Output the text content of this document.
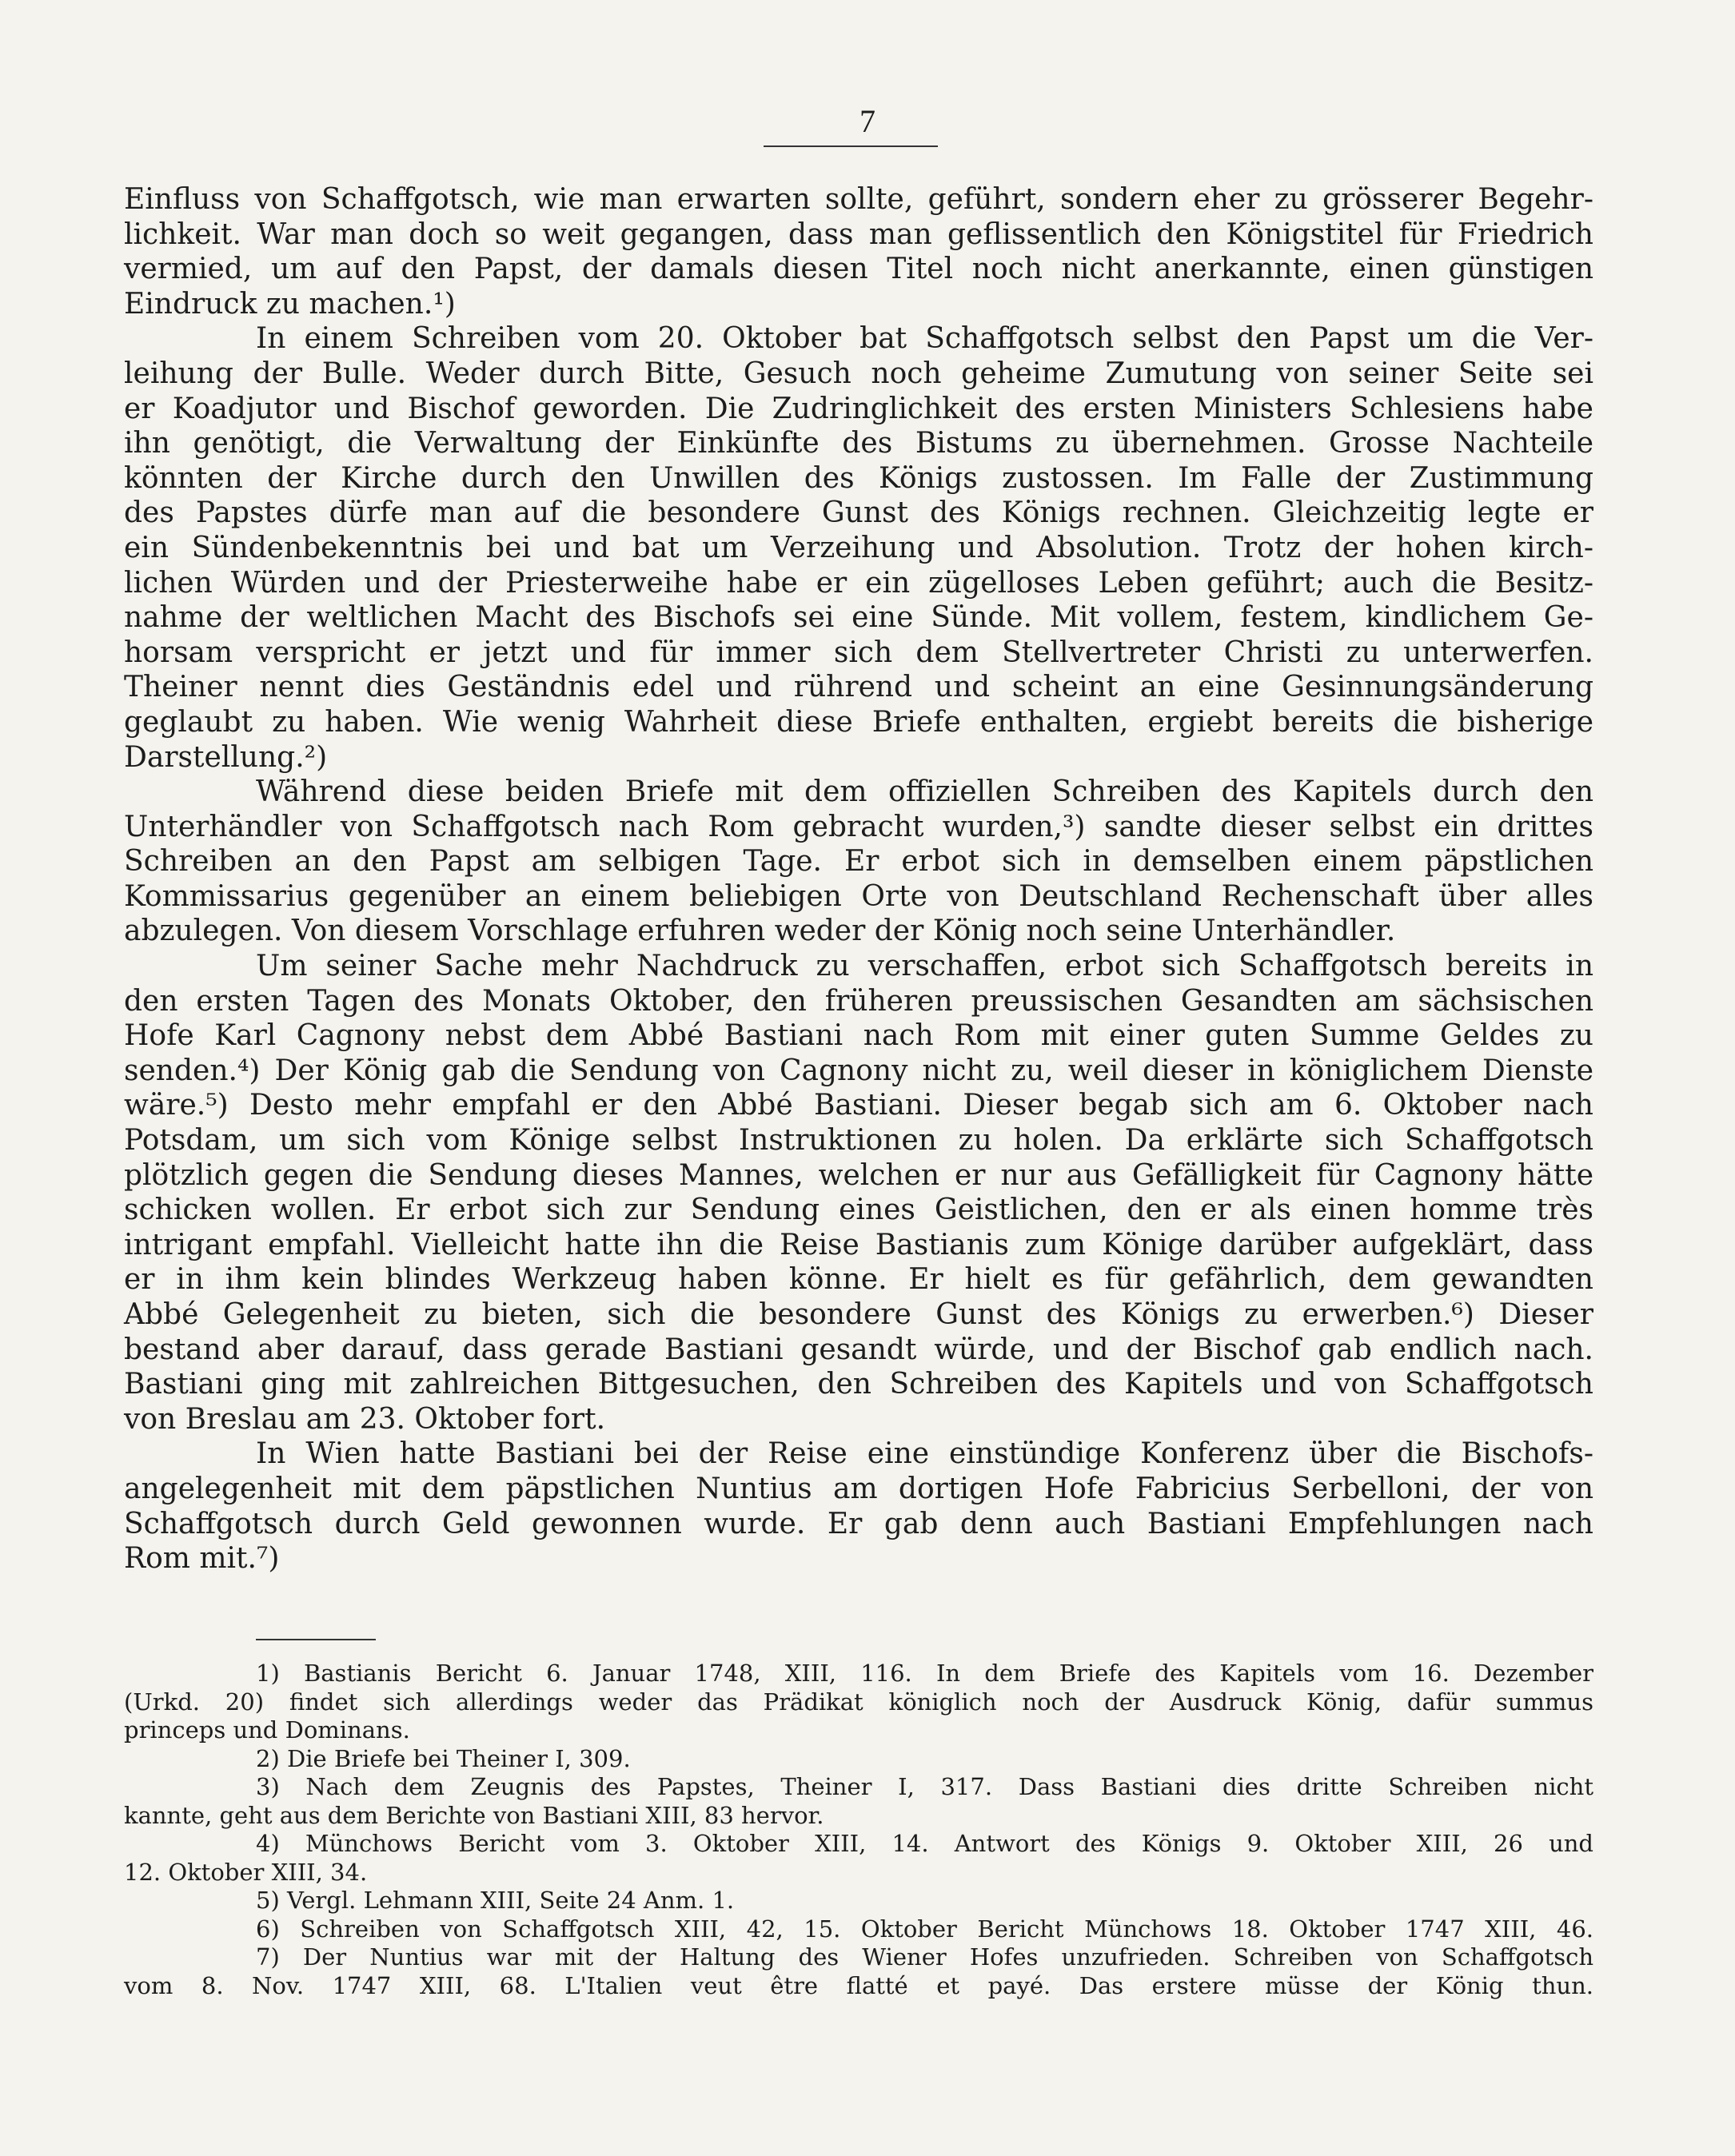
7
Einfluss von Schaffgotsch, wie man erwarten sollte, geführt, sondern eher zu grösserer Begehr-
lichkeit. War man doch so weit gegangen, dass man geflissentlich den Königstitel für Friedrich
vermied, um auf den Papst, der damals diesen Titel noch nicht anerkannte, einen günstigen
Eindruck zu machen.¹)
In einem Schreiben vom 20. Oktober bat Schaffgotsch selbst den Papst um die Ver-
leihung der Bulle. Weder durch Bitte, Gesuch noch geheime Zumutung von seiner Seite sei
er Koadjutor und Bischof geworden. Die Zudringlichkeit des ersten Ministers Schlesiens habe
ihn genötigt, die Verwaltung der Einkünfte des Bistums zu übernehmen. Grosse Nachteile
könnten der Kirche durch den Unwillen des Königs zustossen. Im Falle der Zustimmung
des Papstes dürfe man auf die besondere Gunst des Königs rechnen. Gleichzeitig legte er
ein Sündenbekenntnis bei und bat um Verzeihung und Absolution. Trotz der hohen kirch-
lichen Würden und der Priesterweihe habe er ein zügelloses Leben geführt; auch die Besitz-
nahme der weltlichen Macht des Bischofs sei eine Sünde. Mit vollem, festem, kindlichem Ge-
horsam verspricht er jetzt und für immer sich dem Stellvertreter Christi zu unterwerfen.
Theiner nennt dies Geständnis edel und rührend und scheint an eine Gesinnungsänderung
geglaubt zu haben. Wie wenig Wahrheit diese Briefe enthalten, ergiebt bereits die bisherige
Darstellung.²)
Während diese beiden Briefe mit dem offiziellen Schreiben des Kapitels durch den
Unterhändler von Schaffgotsch nach Rom gebracht wurden,³) sandte dieser selbst ein drittes
Schreiben an den Papst am selbigen Tage. Er erbot sich in demselben einem päpstlichen
Kommissarius gegenüber an einem beliebigen Orte von Deutschland Rechenschaft über alles
abzulegen. Von diesem Vorschlage erfuhren weder der König noch seine Unterhändler.
Um seiner Sache mehr Nachdruck zu verschaffen, erbot sich Schaffgotsch bereits in
den ersten Tagen des Monats Oktober, den früheren preussischen Gesandten am sächsischen
Hofe Karl Cagnony nebst dem Abbé Bastiani nach Rom mit einer guten Summe Geldes zu
senden.⁴) Der König gab die Sendung von Cagnony nicht zu, weil dieser in königlichem Dienste
wäre.⁵) Desto mehr empfahl er den Abbé Bastiani. Dieser begab sich am 6. Oktober nach
Potsdam, um sich vom Könige selbst Instruktionen zu holen. Da erklärte sich Schaffgotsch
plötzlich gegen die Sendung dieses Mannes, welchen er nur aus Gefälligkeit für Cagnony hätte
schicken wollen. Er erbot sich zur Sendung eines Geistlichen, den er als einen homme très
intrigant empfahl. Vielleicht hatte ihn die Reise Bastianis zum Könige darüber aufgeklärt, dass
er in ihm kein blindes Werkzeug haben könne. Er hielt es für gefährlich, dem gewandten
Abbé Gelegenheit zu bieten, sich die besondere Gunst des Königs zu erwerben.⁶) Dieser
bestand aber darauf, dass gerade Bastiani gesandt würde, und der Bischof gab endlich nach.
Bastiani ging mit zahlreichen Bittgesuchen, den Schreiben des Kapitels und von Schaffgotsch
von Breslau am 23. Oktober fort.
In Wien hatte Bastiani bei der Reise eine einstündige Konferenz über die Bischofs-
angelegenheit mit dem päpstlichen Nuntius am dortigen Hofe Fabricius Serbelloni, der von
Schaffgotsch durch Geld gewonnen wurde. Er gab denn auch Bastiani Empfehlungen nach
Rom mit.⁷)
1) Bastianis Bericht 6. Januar 1748, XIII, 116. In dem Briefe des Kapitels vom 16. Dezember
(Urkd. 20) findet sich allerdings weder das Prädikat königlich noch der Ausdruck König, dafür summus
princeps und Dominans.
2) Die Briefe bei Theiner I, 309.
3) Nach dem Zeugnis des Papstes, Theiner I, 317. Dass Bastiani dies dritte Schreiben nicht
kannte, geht aus dem Berichte von Bastiani XIII, 83 hervor.
4) Münchows Bericht vom 3. Oktober XIII, 14. Antwort des Königs 9. Oktober XIII, 26 und
12. Oktober XIII, 34.
5) Vergl. Lehmann XIII, Seite 24 Anm. 1.
6) Schreiben von Schaffgotsch XIII, 42, 15. Oktober Bericht Münchows 18. Oktober 1747 XIII, 46.
7) Der Nuntius war mit der Haltung des Wiener Hofes unzufrieden. Schreiben von Schaffgotsch
vom 8. Nov. 1747 XIII, 68. L'Italien veut être flatté et payé. Das erstere müsse der König thun.
